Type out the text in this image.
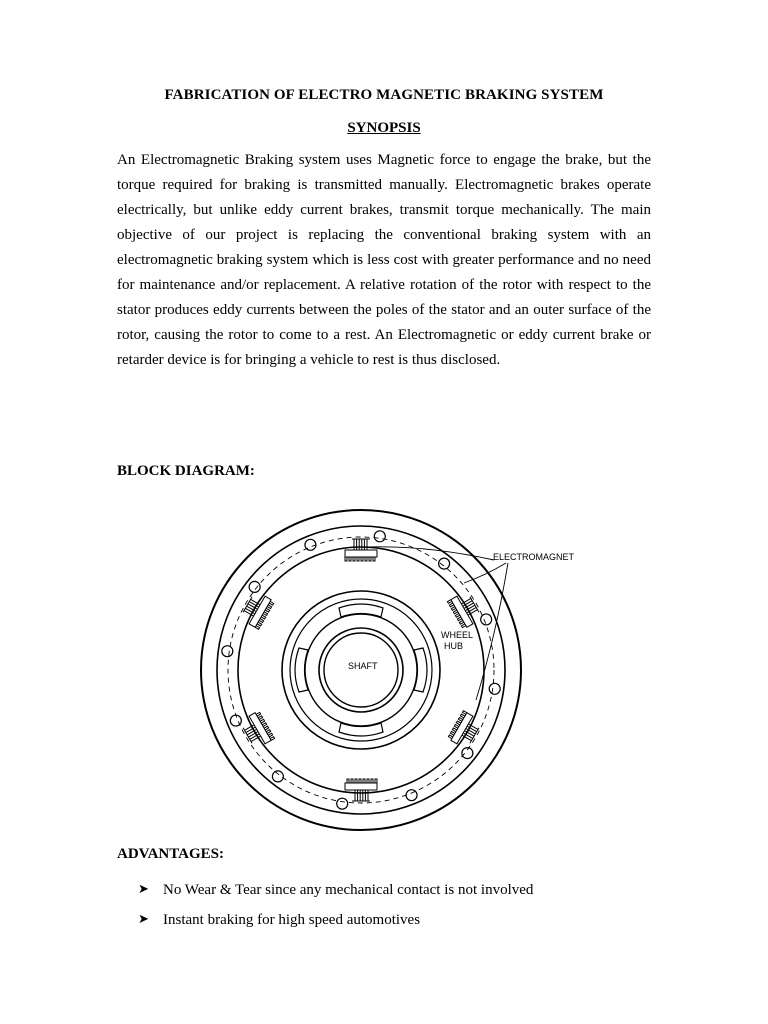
FABRICATION OF ELECTRO MAGNETIC BRAKING SYSTEM
SYNOPSIS

An Electromagnetic Braking system uses Magnetic force to engage the brake, but the torque required for braking is transmitted manually. Electromagnetic brakes operate electrically, but unlike eddy current brakes, transmit torque mechanically. The main objective of our project is replacing the conventional braking system with an electromagnetic braking system which is less cost with greater performance and no need for maintenance and/or replacement. A relative rotation of the rotor with respect to the stator produces eddy currents between the poles of the stator and an outer surface of the rotor, causing the rotor to come to a rest. An Electromagnetic or eddy current brake or retarder device is for bringing a vehicle to rest is thus disclosed.

BLOCK DIAGRAM:
ELECTROMAGNET
WHEEL
HUB
SHAFT
ADVANTAGES:
➤ No Wear & Tear since any mechanical contact is not involved
➤ Instant braking for high speed automotives
